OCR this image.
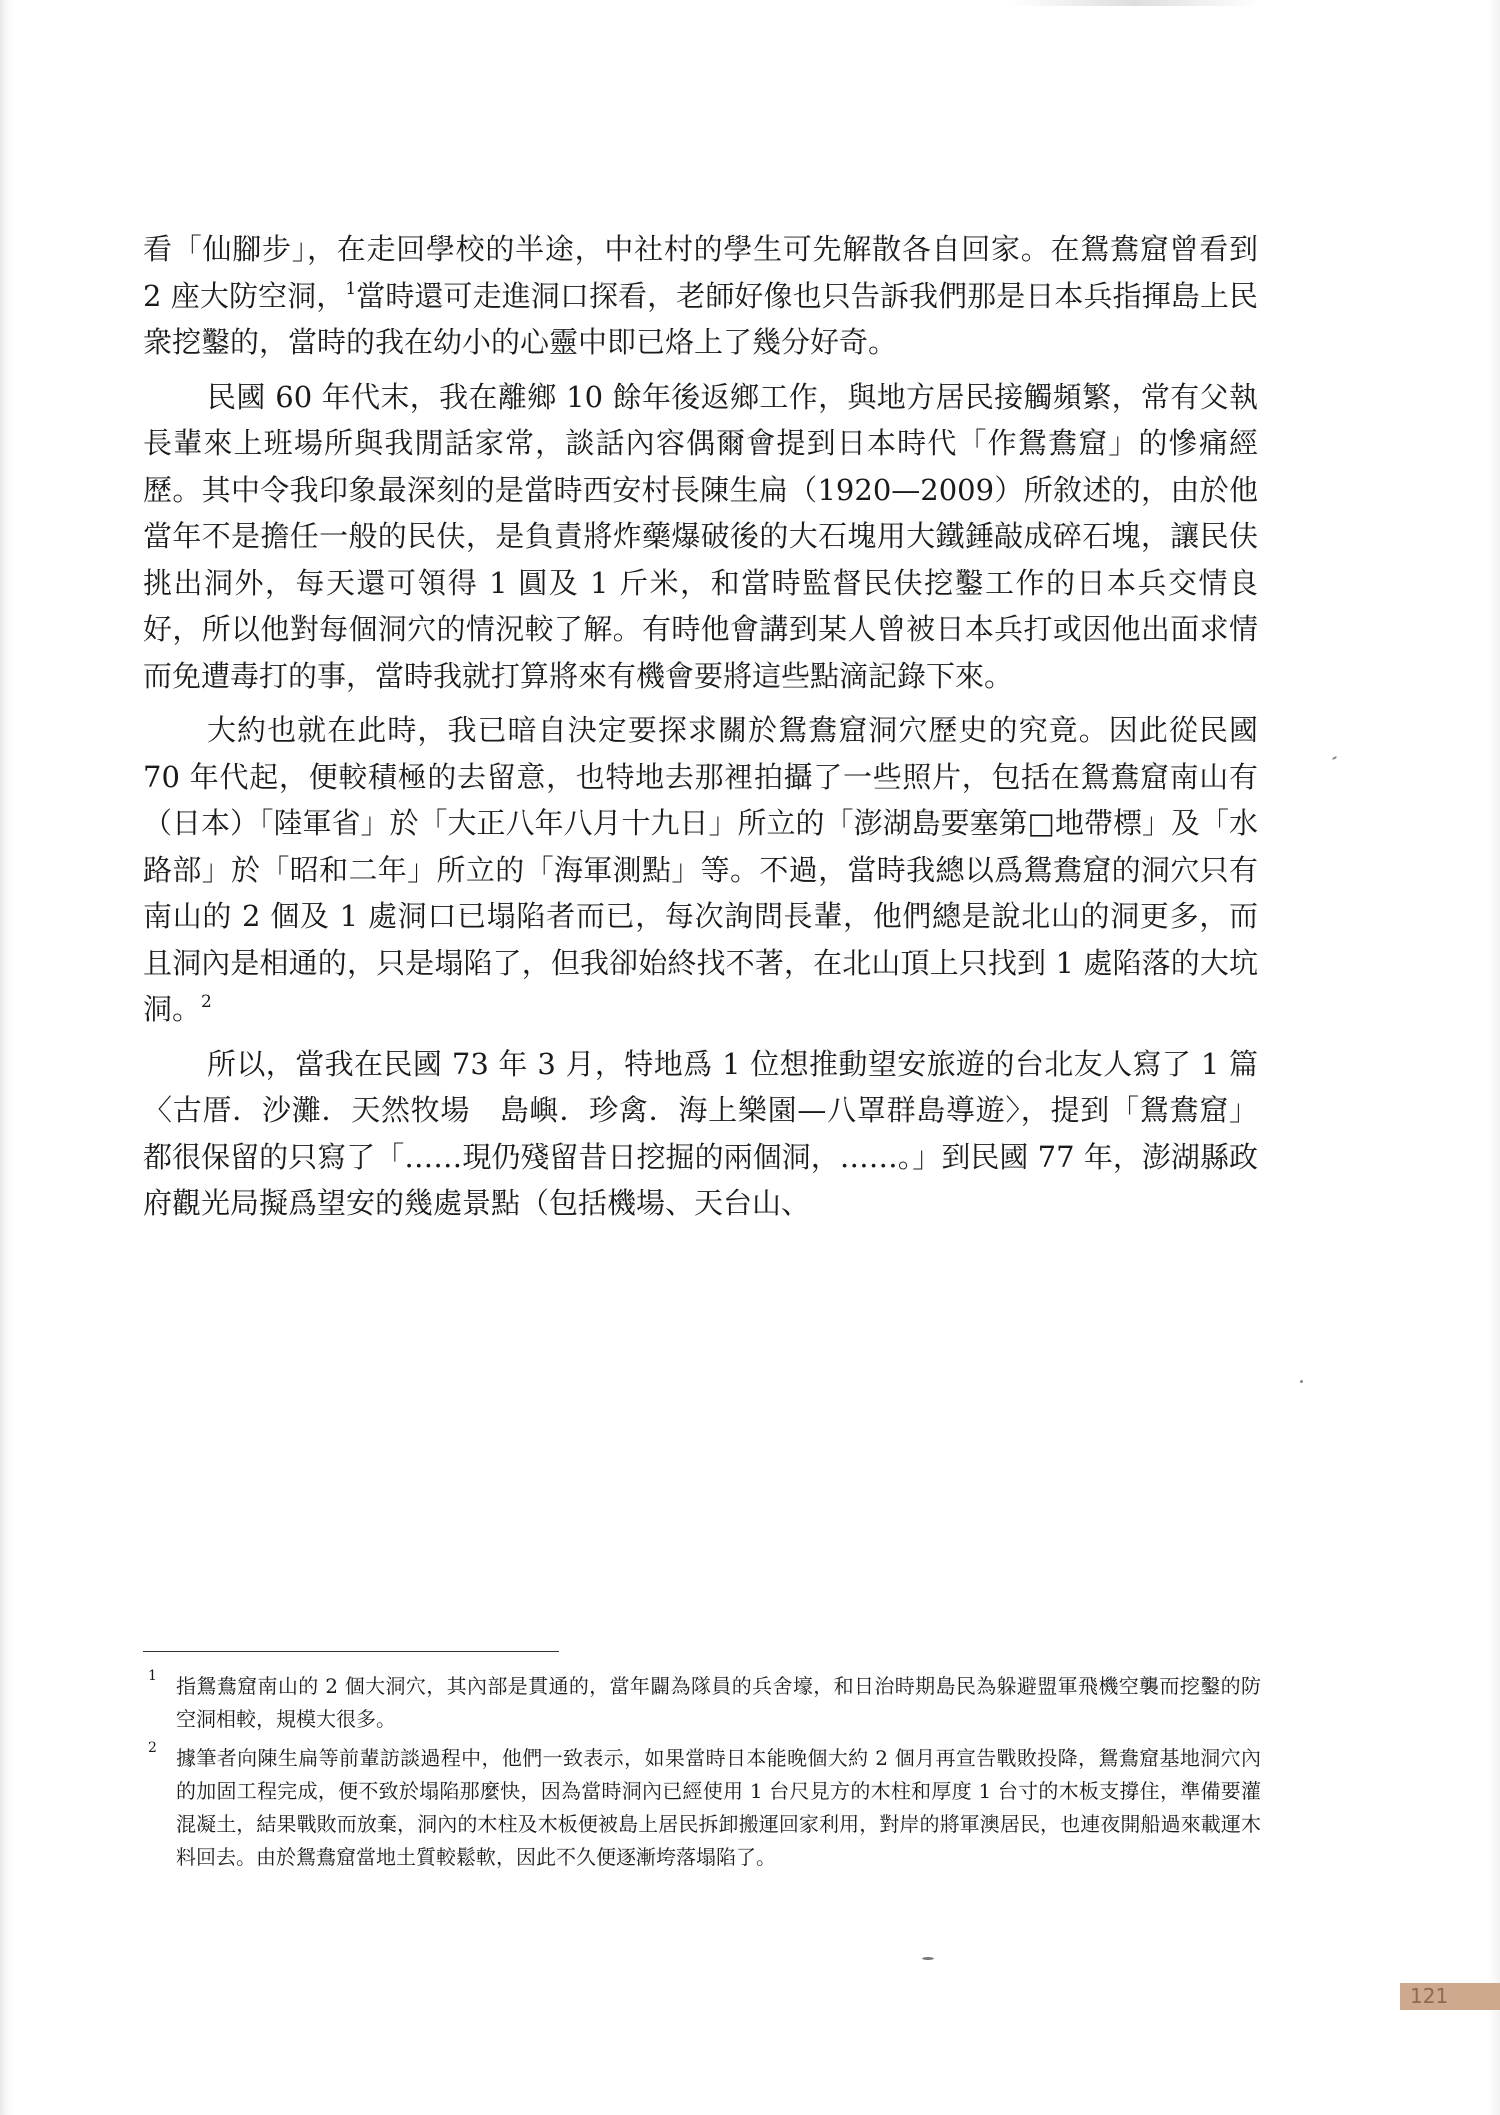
看「仙腳步」，在走回學校的半途，中社村的學生可先解散各自回家。在鴛鴦窟曾看到 2 座大防空洞，$^1$當時還可走進洞口探看，老師好像也只告訴我們那是日本兵指揮島上民衆挖鑿的，當時的我在幼小的心靈中即已烙上了幾分好奇。

民國 60 年代末，我在離鄉 10 餘年後返鄉工作，與地方居民接觸頻繁，常有父執長輩來上班場所與我閒話家常，談話內容偶爾會提到日本時代「作鴛鴦窟」的慘痛經歷。其中令我印象最深刻的是當時西安村長陳生扁（1920—2009）所敘述的，由於他當年不是擔任一般的民伕，是負責將炸藥爆破後的大石塊用大鐵錘敲成碎石塊，讓民伕挑出洞外，每天還可領得 1 圓及 1 斤米，和當時監督民伕挖鑿工作的日本兵交情良好，所以他對每個洞穴的情況較了解。有時他會講到某人曾被日本兵打或因他出面求情而免遭毒打的事，當時我就打算將來有機會要將這些點滴記錄下來。

大約也就在此時，我已暗自決定要探求關於鴛鴦窟洞穴歷史的究竟。因此從民國 70 年代起，便較積極的去留意，也特地去那裡拍攝了一些照片，包括在鴛鴦窟南山有（日本）「陸軍省」於「大正八年八月十九日」所立的「澎湖島要塞第□地帶標」及「水路部」於「昭和二年」所立的「海軍測點」等。不過，當時我總以爲鴛鴦窟的洞穴只有南山的 2 個及 1 處洞口已塌陷者而已，每次詢問長輩，他們總是說北山的洞更多，而且洞內是相通的，只是塌陷了，但我卻始終找不著，在北山頂上只找到 1 處陷落的大坑洞。$^2$

所以，當我在民國 73 年 3 月，特地爲 1 位想推動望安旅遊的台北友人寫了 1 篇〈古厝．沙灘．天然牧場　島嶼．珍禽．海上樂園—八罩群島導遊〉，提到「鴛鴦窟」都很保留的只寫了「……現仍殘留昔日挖掘的兩個洞，……。」到民國 77 年，澎湖縣政府觀光局擬爲望安的幾處景點（包括機場、天台山、

1 指鴛鴦窟南山的 2 個大洞穴，其內部是貫通的，當年闢為隊員的兵舍壕，和日治時期島民為躲避盟軍飛機空襲而挖鑿的防空洞相較，規模大很多。

2 據筆者向陳生扁等前輩訪談過程中，他們一致表示，如果當時日本能晚個大約 2 個月再宣告戰敗投降，鴛鴦窟基地洞穴內的加固工程完成，便不致於塌陷那麼快，因為當時洞內已經使用 1 台尺見方的木柱和厚度 1 台寸的木板支撐住，準備要灌混凝土，結果戰敗而放棄，洞內的木柱及木板便被島上居民拆卸搬運回家利用，對岸的將軍澳居民，也連夜開船過來載運木料回去。由於鴛鴦窟當地土質較鬆軟，因此不久便逐漸垮落塌陷了。

121
